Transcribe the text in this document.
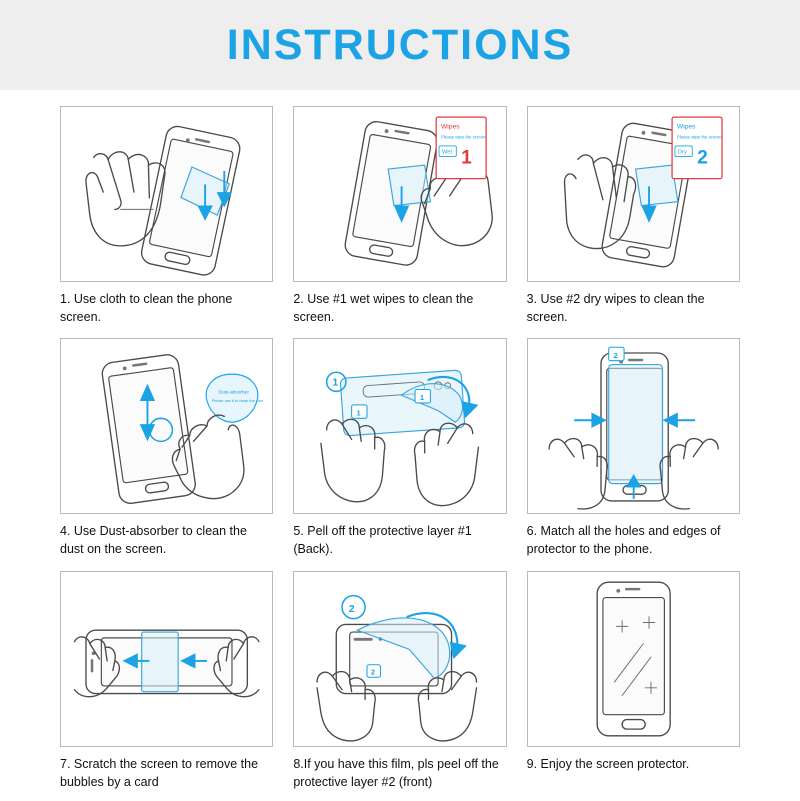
INSTRUCTIONS
1. Use cloth to clean the phone screen.
Wipes
Please wipe the screen
Wet 1
2. Use #1 wet wipes to clean the screen.
Wipes
Please wipe the screen
Dry 2
3. Use #2 dry wipes to clean the screen.
Dust-absorber
Please use it to clean the dust
4. Use Dust-absorber to clean the dust on the screen.
1
1
1
5. Pell off the protective layer #1 (Back).
2
6. Match all the holes and edges of protector to the phone.
7. Scratch the screen to remove the bubbles by a card
2
2
8.If you have this film, pls peel off the protective layer #2 (front)
9. Enjoy the screen protector.
